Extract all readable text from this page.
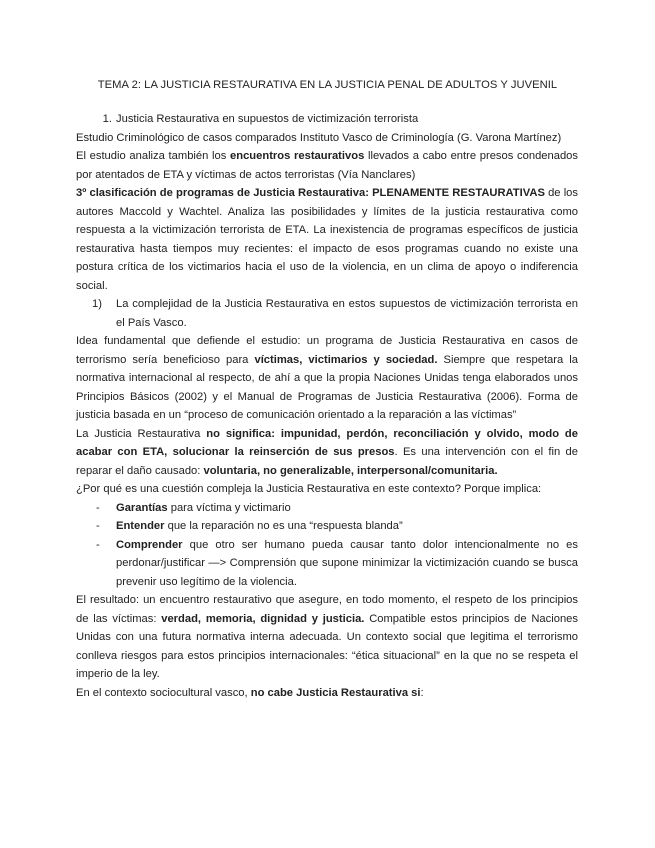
TEMA 2: LA JUSTICIA RESTAURATIVA EN LA JUSTICIA PENAL DE ADULTOS Y JUVENIL

1. Justicia Restaurativa en supuestos de victimización terrorista

Estudio Criminológico de casos comparados Instituto Vasco de Criminología (G. Varona Martínez)

El estudio analiza también los encuentros restaurativos llevados a cabo entre presos condenados por atentados de ETA y víctimas de actos terroristas (Vía Nanclares)

3º clasificación de programas de Justicia Restaurativa: PLENAMENTE RESTAURATIVAS de los autores Maccold y Wachtel. Analiza las posibilidades y límites de la justicia restaurativa como respuesta a la victimización terrorista de ETA. La inexistencia de programas específicos de justicia restaurativa hasta tiempos muy recientes: el impacto de esos programas cuando no existe una postura crítica de los victimarios hacia el uso de la violencia, en un clima de apoyo o indiferencia social.

1) La complejidad de la Justicia Restaurativa en estos supuestos de victimización terrorista en el País Vasco.

Idea fundamental que defiende el estudio: un programa de Justicia Restaurativa en casos de terrorismo sería beneficioso para víctimas, victimarios y sociedad. Siempre que respetara la normativa internacional al respecto, de ahí a que la propia Naciones Unidas tenga elaborados unos Principios Básicos (2002) y el Manual de Programas de Justicia Restaurativa (2006). Forma de justicia basada en un “proceso de comunicación orientado a la reparación a las víctimas”

La Justicia Restaurativa no significa: impunidad, perdón, reconciliación y olvido, modo de acabar con ETA, solucionar la reinserción de sus presos. Es una intervención con el fin de reparar el daño causado: voluntaria, no generalizable, interpersonal/comunitaria.

¿Por qué es una cuestión compleja la Justicia Restaurativa en este contexto? Porque implica:

- Garantías para víctima y victimario
- Entender que la reparación no es una “respuesta blanda”
- Comprender que otro ser humano pueda causar tanto dolor intencionalmente no es perdonar/justificar —> Comprensión que supone minimizar la victimización cuando se busca prevenir uso legítimo de la violencia.

El resultado: un encuentro restaurativo que asegure, en todo momento, el respeto de los principios de las víctimas: verdad, memoria, dignidad y justicia. Compatible estos principios de Naciones Unidas con una futura normativa interna adecuada. Un contexto social que legitima el terrorismo conlleva riesgos para estos principios internacionales: “ética situacional” en la que no se respeta el imperio de la ley.

En el contexto sociocultural vasco, no cabe Justicia Restaurativa si:
